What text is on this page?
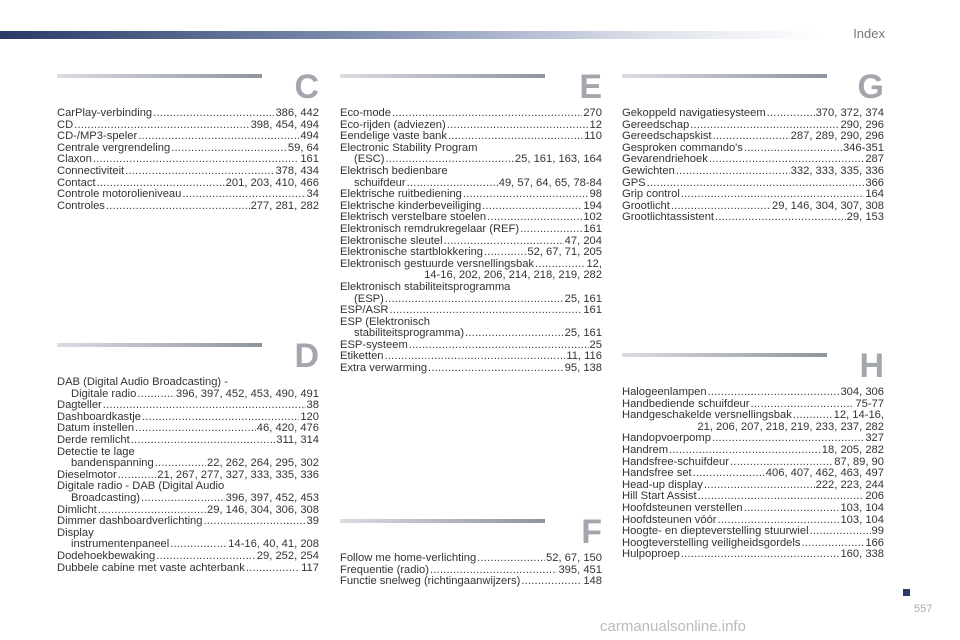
Index
C
CarPlay-verbinding .....	386, 442
CD .....	398, 454, 494
CD-/MP3-speler .....	494
Centrale vergrendeling .....	59, 64
Claxon .....	161
Connectiviteit .....	378, 434
Contact .....	201, 203, 410, 466
Controle motorolieniveau .....	34
Controles .....	277, 281, 282
D
DAB (Digital Audio Broadcasting) -
Digitale radio .....	396, 397, 452, 453, 490, 491
Dagteller .....	38
Dashboardkastje .....	120
Datum instellen .....	46, 420, 476
Derde remlicht .....	311, 314
Detectie te lage
bandenspanning .....	22, 262, 264, 295, 302
Dieselmotor .....	21, 267, 277, 327, 333, 335, 336
Digitale radio - DAB (Digital Audio
Broadcasting) .....	396, 397, 452, 453
Dimlicht .....	29, 146, 304, 306, 308
Dimmer dashboardverlichting .....	39
Display
instrumentenpaneel .....	14-16, 40, 41, 208
Dodehoekbewaking .....	29, 252, 254
Dubbele cabine met vaste achterbank .....	117
E
Eco-mode .....	270
Eco-rijden (adviezen) .....	12
Eendelige vaste bank .....	110
Electronic Stability Program
(ESC) .....	25, 161, 163, 164
Elektrisch bedienbare
schuifdeur .....	49, 57, 64, 65, 78-84
Elektrische ruitbediening .....	98
Elektrische kinderbeveiliging .....	194
Elektrisch verstelbare stoelen .....	102
Elektronisch remdrukregelaar (REF) .....	161
Elektronische sleutel .....	47, 204
Elektronische startblokkering .....	52, 67, 71, 205
Elektronisch gestuurde versnellingsbak .....	12,
14-16, 202, 206, 214, 218, 219, 282
Elektronisch stabiliteitsprogramma
(ESP) .....	25, 161
ESP/ASR .....	161
ESP (Elektronisch
stabiliteitsprogramma) .....	25, 161
ESP-systeem .....	25
Etiketten .....	11, 116
Extra verwarming .....	95, 138
F
Follow me home-verlichting .....	52, 67, 150
Frequentie (radio) .....	395, 451
Functie snelweg (richtingaanwijzers) .....	148
G
Gekoppeld navigatiesysteem .....	370, 372, 374
Gereedschap .....	290, 296
Gereedschapskist .....	287, 289, 290, 296
Gesproken commando's .....	346-351
Gevarendriehoek .....	287
Gewichten .....	332, 333, 335, 336
GPS .....	366
Grip control .....	164
Grootlicht .....	29, 146, 304, 307, 308
Grootlichtassistent .....	29, 153
H
Halogeenlampen .....	304, 306
Handbediende schuifdeur .....	75-77
Handgeschakelde versnellingsbak .....	12, 14-16,
21, 206, 207, 218, 219, 233, 237, 282
Handopvoerpomp .....	327
Handrem .....	18, 205, 282
Handsfree-schuifdeur .....	87, 89, 90
Handsfree set .....	406, 407, 462, 463, 497
Head-up display .....	222, 223, 244
Hill Start Assist .....	206
Hoofdsteunen verstellen .....	103, 104
Hoofdsteunen vóór .....	103, 104
Hoogte- en diepteverstelling stuurwiel .....	99
Hoogteverstelling veiligheidsgordels .....	166
Hulpoproep .....	160, 338
557
carmanualsonline.info
